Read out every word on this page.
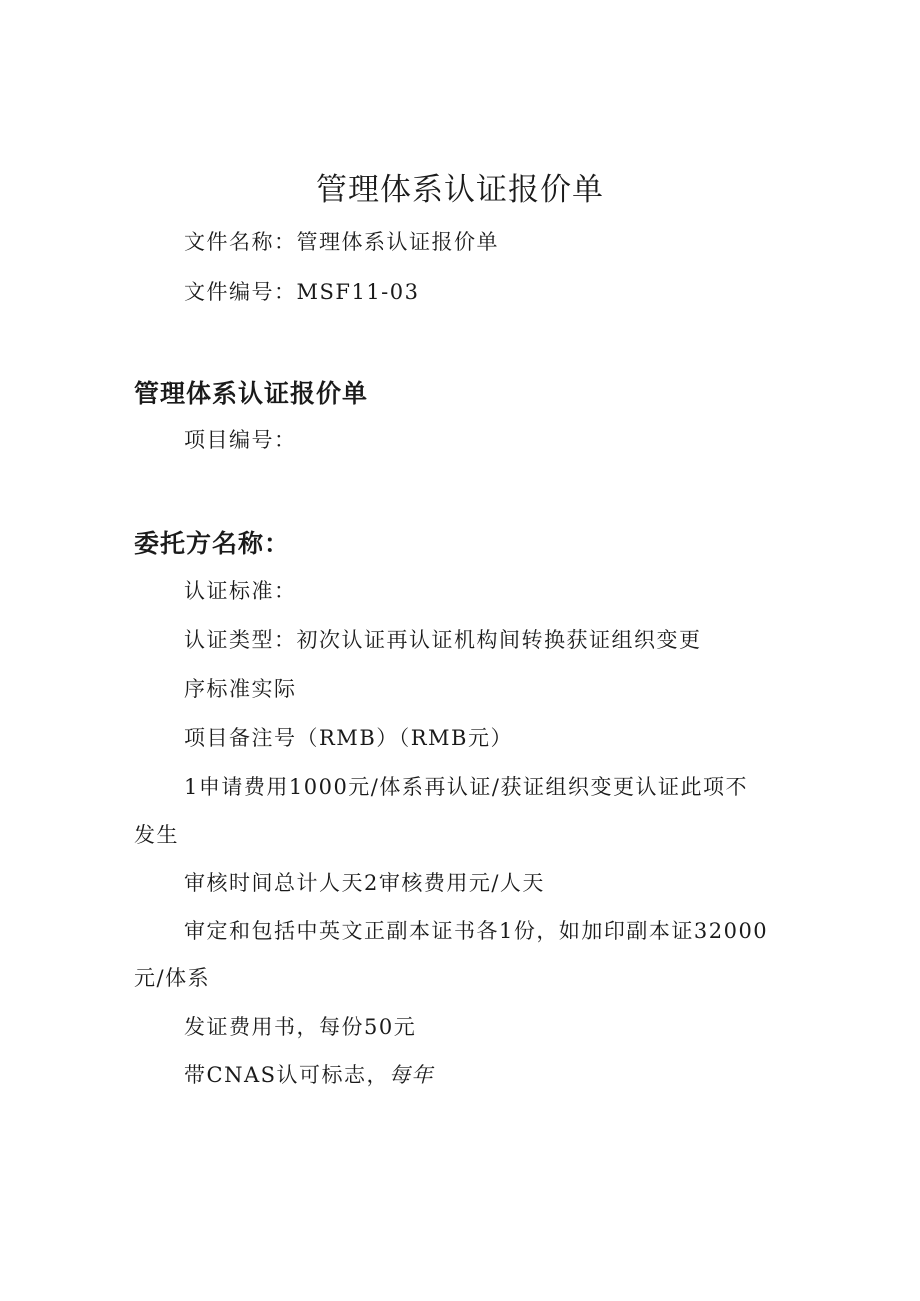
管理体系认证报价单
文件名称：管理体系认证报价单
文件编号：MSF11-03
管理体系认证报价单
项目编号：
委托方名称：
认证标准：
认证类型：初次认证再认证机构间转换获证组织变更
序标准实际
项目备注号（RMB）（RMB元）
1申请费用1000元/体系再认证/获证组织变更认证此项不
发生
审核时间总计人天2审核费用元/人天
审定和包括中英文正副本证书各1份，如加印副本证32000
元/体系
发证费用书，每份50元
带CNAS认可标志，每年
